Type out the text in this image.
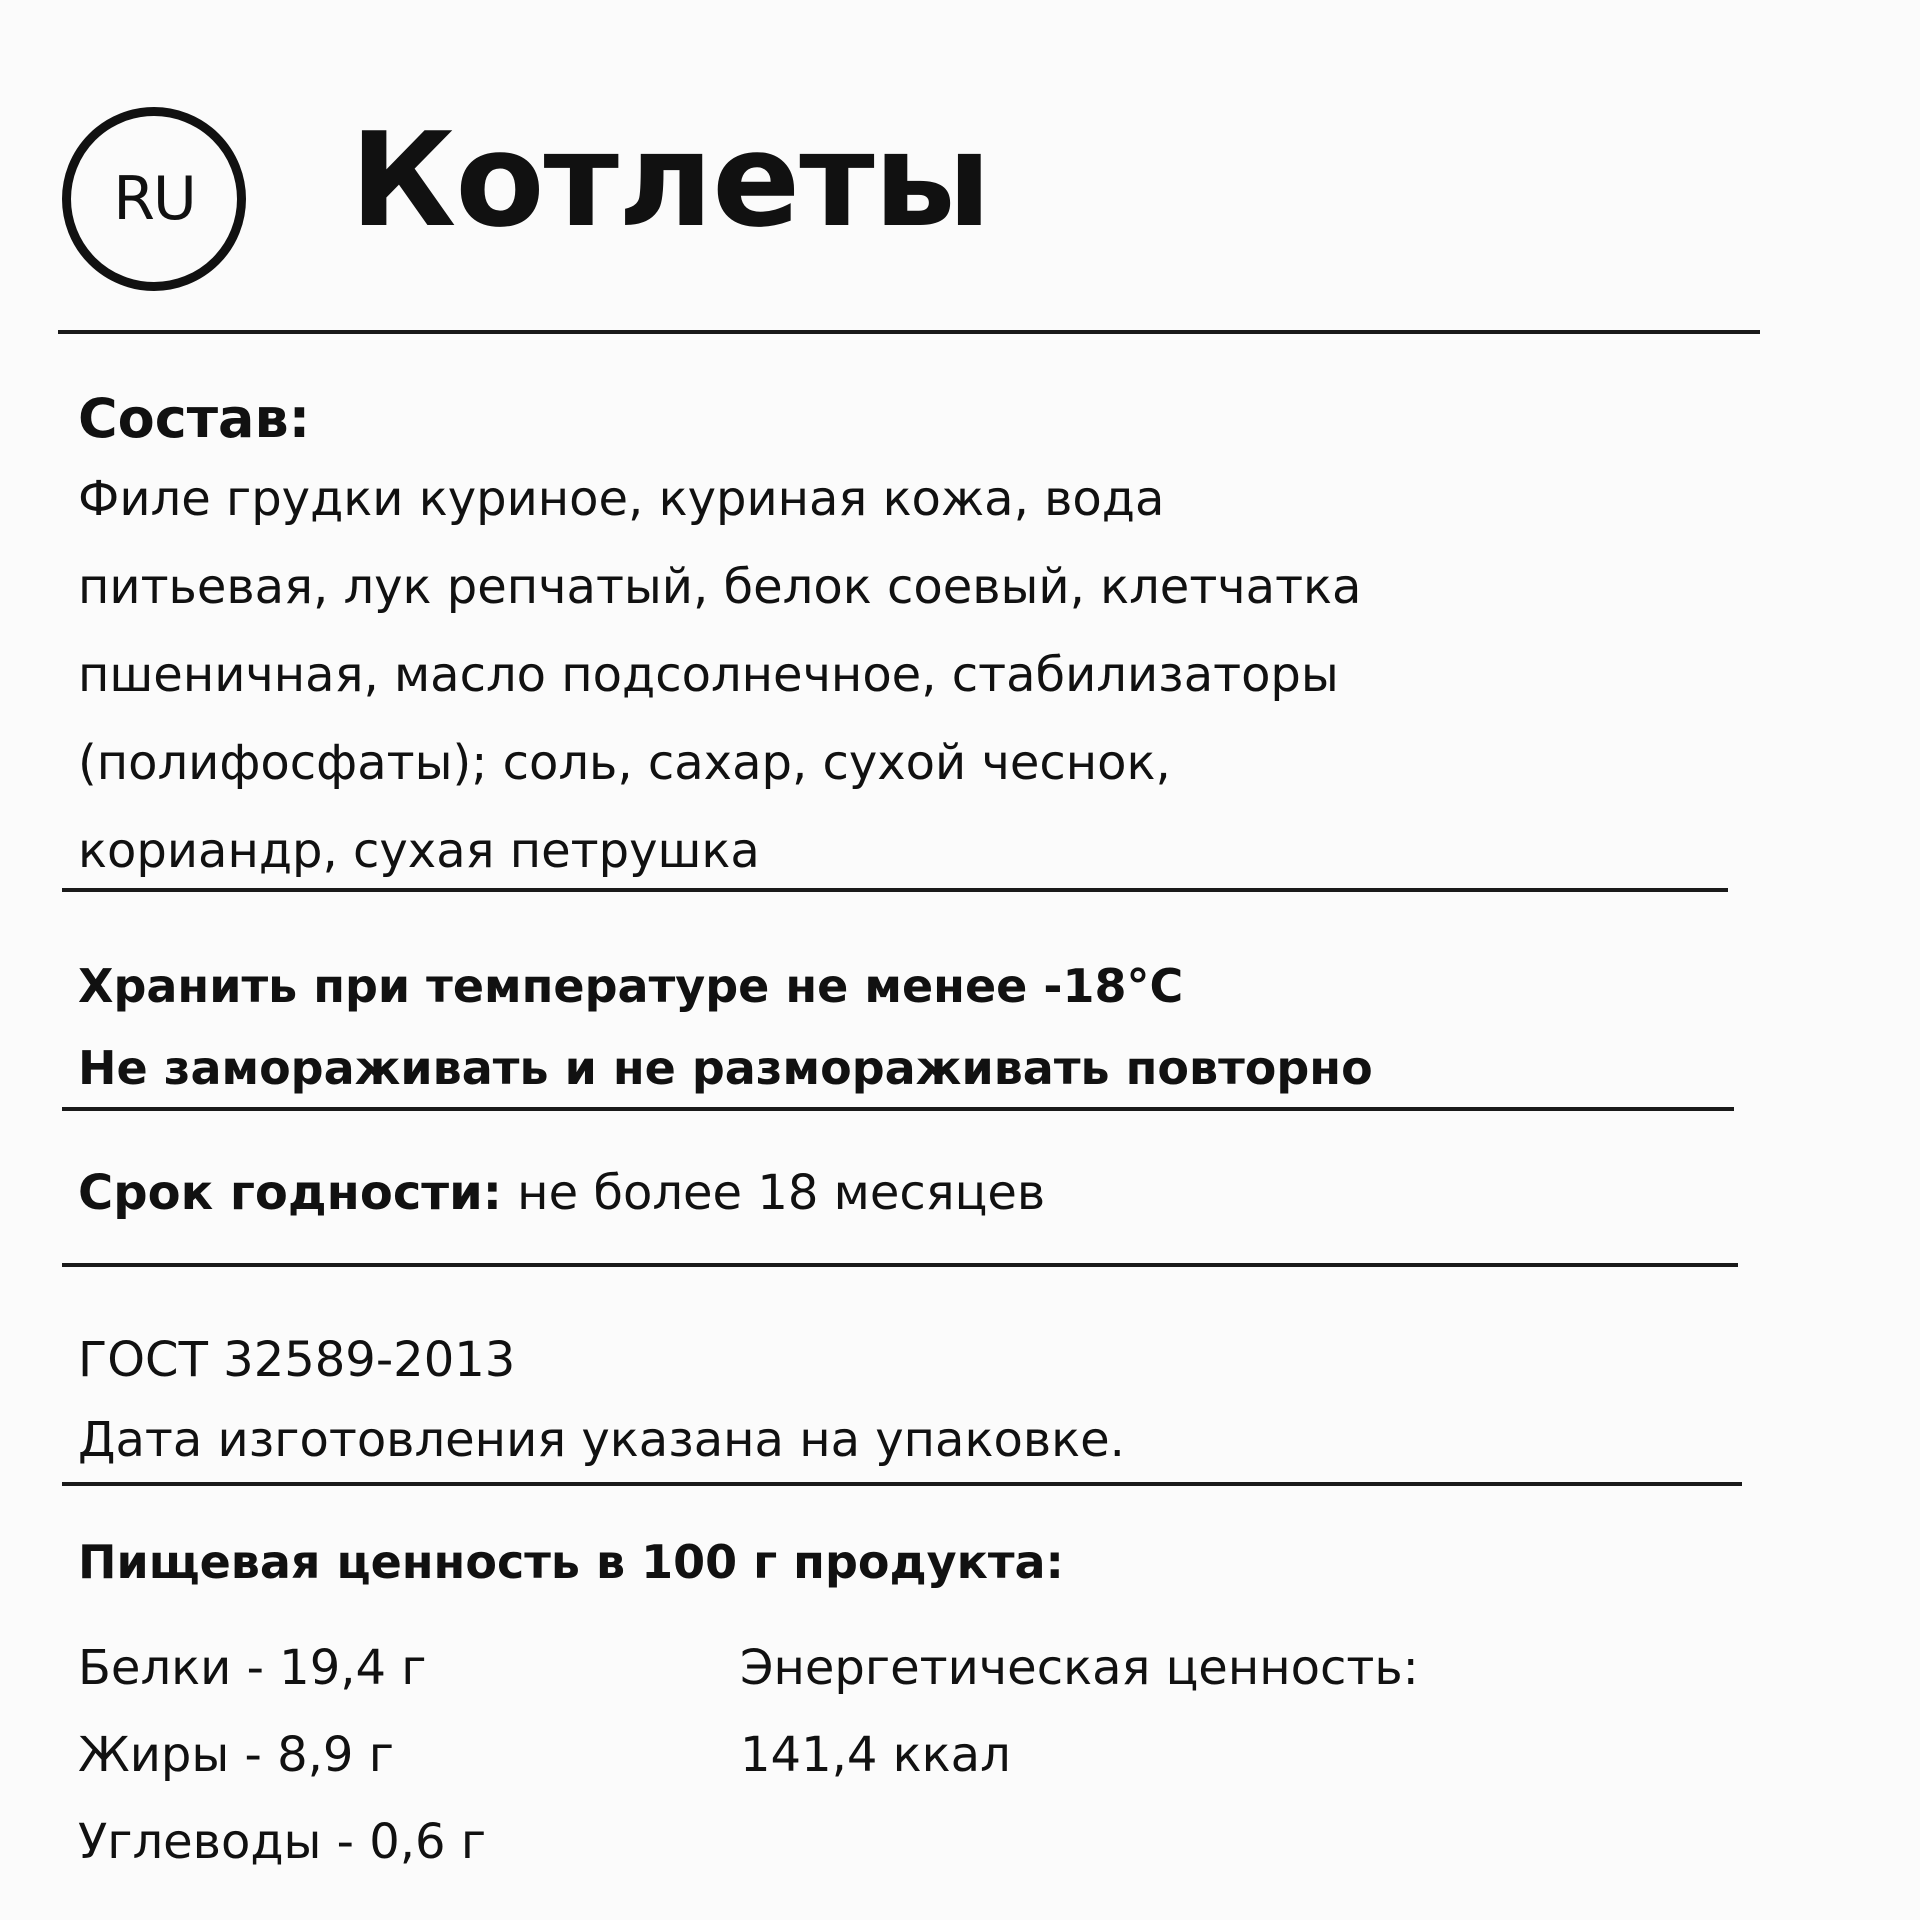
RU Котлеты
Состав:
Филе грудки куриное, куриная кожа, вода
питьевая, лук репчатый, белок соевый, клетчатка
пшеничная, масло подсолнечное, стабилизаторы
(полифосфаты); соль, сахар, сухой чеснок,
кориандр, сухая петрушка
Хранить при температуре не менее -18°С
Не замораживать и не размораживать повторно
Срок годности: не более 18 месяцев
ГОСТ 32589-2013
Дата изготовления указана на упаковке.
Пищевая ценность в 100 г продукта:
Белки - 19,4 г
Жиры - 8,9 г
Углеводы - 0,6 г
Энергетическая ценность:
141,4 ккал
